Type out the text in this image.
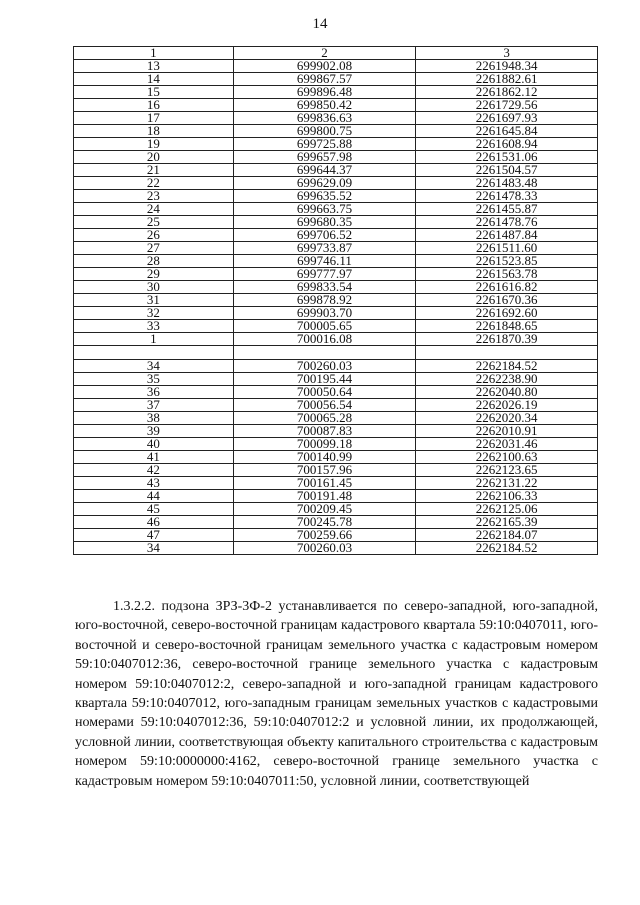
14
1	2	3
13	699902.08	2261948.34
14	699867.57	2261882.61
15	699896.48	2261862.12
16	699850.42	2261729.56
17	699836.63	2261697.93
18	699800.75	2261645.84
19	699725.88	2261608.94
20	699657.98	2261531.06
21	699644.37	2261504.57
22	699629.09	2261483.48
23	699635.52	2261478.33
24	699663.75	2261455.87
25	699680.35	2261478.76
26	699706.52	2261487.84
27	699733.87	2261511.60
28	699746.11	2261523.85
29	699777.97	2261563.78
30	699833.54	2261616.82
31	699878.92	2261670.36
32	699903.70	2261692.60
33	700005.65	2261848.65
1	700016.08	2261870.39

34	700260.03	2262184.52
35	700195.44	2262238.90
36	700050.64	2262040.80
37	700056.54	2262026.19
38	700065.28	2262020.34
39	700087.83	2262010.91
40	700099.18	2262031.46
41	700140.99	2262100.63
42	700157.96	2262123.65
43	700161.45	2262131.22
44	700191.48	2262106.33
45	700209.45	2262125.06
46	700245.78	2262165.39
47	700259.66	2262184.07
34	700260.03	2262184.52
1.3.2.2. подзона ЗРЗ-3Ф-2 устанавливается по северо-западной, юго-западной, юго-восточной, северо-восточной границам кадастрового квартала 59:10:0407011, юго-восточной и северо-восточной границам земельного участка с кадастровым номером 59:10:0407012:36, северо-восточной границе земельного участка с кадастровым номером 59:10:0407012:2, северо-западной и юго-западной границам кадастрового квартала 59:10:0407012, юго-западным границам земельных участков с кадастровыми номерами 59:10:0407012:36, 59:10:0407012:2 и условной линии, их продолжающей, условной линии, соответствующая объекту капитального строительства с кадастровым номером 59:10:0000000:4162, северо-восточной границе земельного участка с кадастровым номером 59:10:0407011:50, условной линии, соответствующей
